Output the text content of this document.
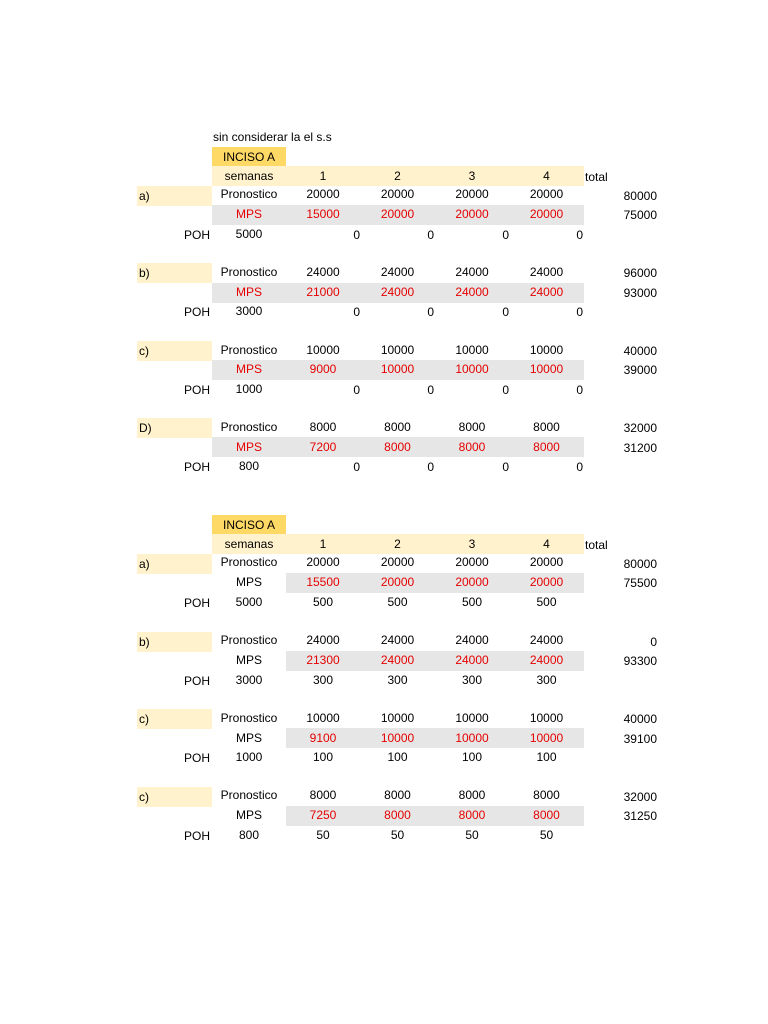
sin considerar la el s.s
INCISO A
semanas	1	2	3	4	total
a)	Pronostico	20000	20000	20000	20000	80000
MPS	15000	20000	20000	20000	75000
POH	5000	0	0	0	0
b)	Pronostico	24000	24000	24000	24000	96000
MPS	21000	24000	24000	24000	93000
POH	3000	0	0	0	0
c)	Pronostico	10000	10000	10000	10000	40000
MPS	9000	10000	10000	10000	39000
POH	1000	0	0	0	0
D)	Pronostico	8000	8000	8000	8000	32000
MPS	7200	8000	8000	8000	31200
POH	800	0	0	0	0
INCISO A
semanas	1	2	3	4	total
a)	Pronostico	20000	20000	20000	20000	80000
MPS	15500	20000	20000	20000	75500
POH	5000	500	500	500	500
b)	Pronostico	24000	24000	24000	24000	0
MPS	21300	24000	24000	24000	93300
POH	3000	300	300	300	300
c)	Pronostico	10000	10000	10000	10000	40000
MPS	9100	10000	10000	10000	39100
POH	1000	100	100	100	100
c)	Pronostico	8000	8000	8000	8000	32000
MPS	7250	8000	8000	8000	31250
POH	800	50	50	50	50
